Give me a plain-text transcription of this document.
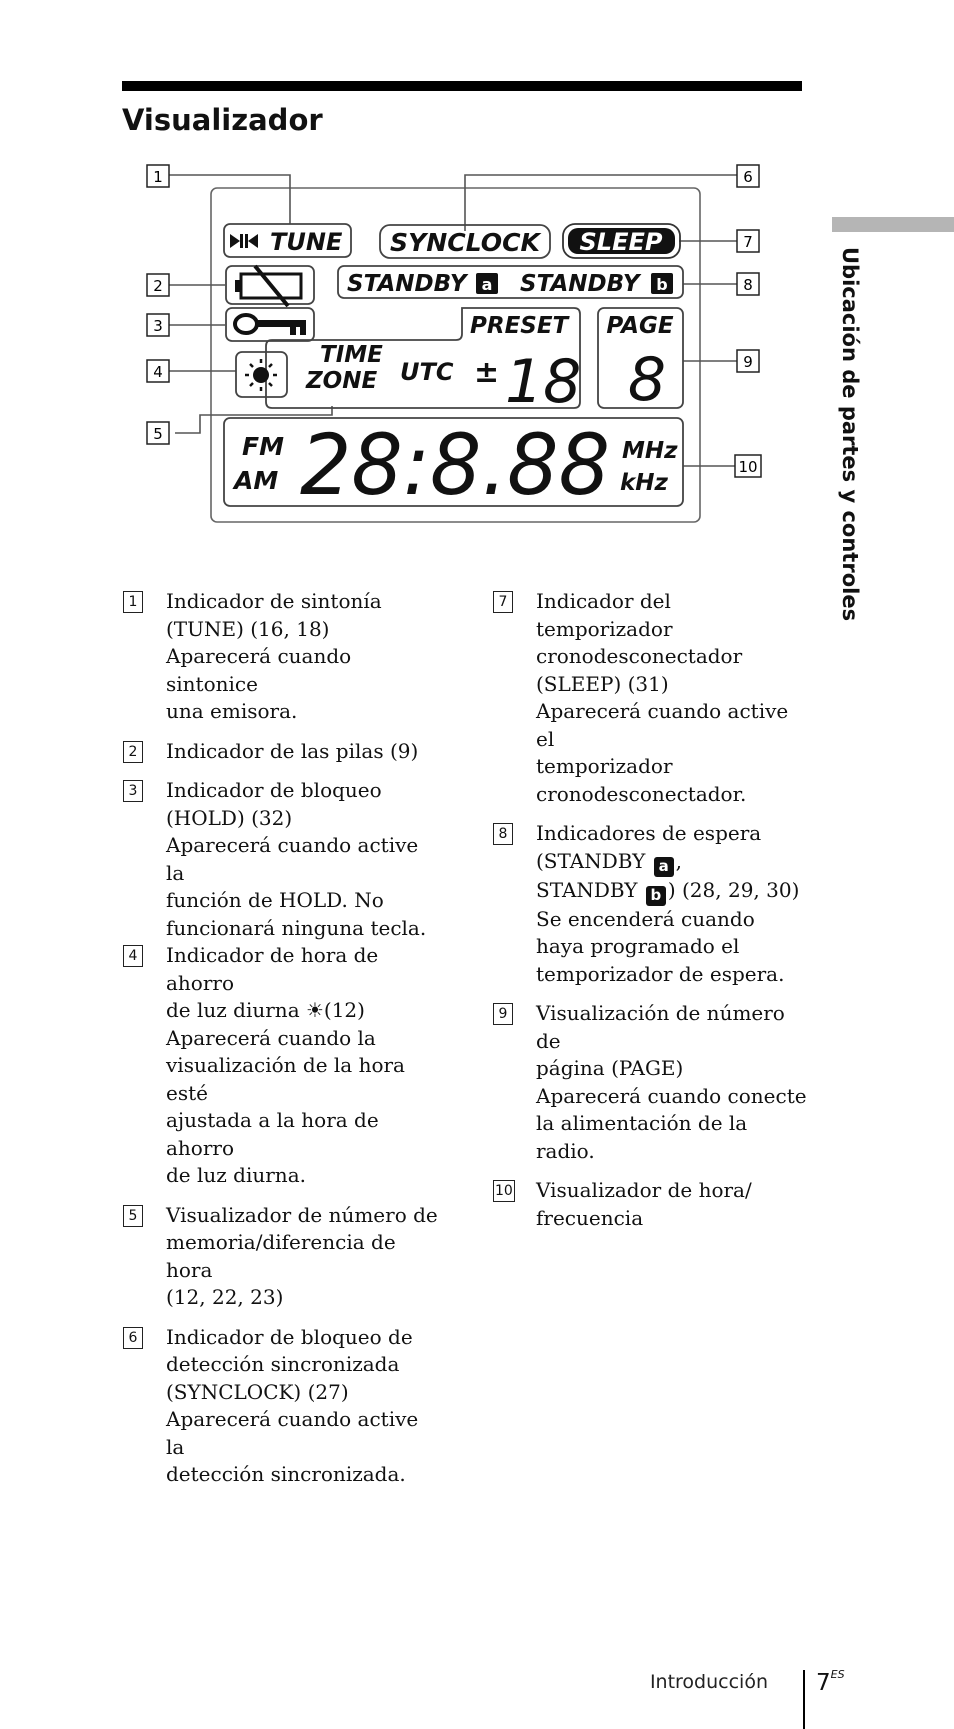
Visualizador
Ubicación de partes y controles
1
2
3
4
5
6
7
8
9
10
TUNE SYNCLOCK SLEEP
STANDBY a STANDBY b
PRESET
TIME
ZONE UTC ± 18
PAGE
8
FM
AM 28:8.88 MHz
kHz
1 Indicador de sintonía
(TUNE) (16, 18)
Aparecerá cuando sintonice
una emisora.
2 Indicador de las pilas (9)
3 Indicador de bloqueo
(HOLD) (32)
Aparecerá cuando active la
función de HOLD. No
funcionará ninguna tecla.
4 Indicador de hora de ahorro
de luz diurna ☀(12)
Aparecerá cuando la
visualización de la hora esté
ajustada a la hora de ahorro
de luz diurna.
5 Visualizador de número de
memoria/diferencia de hora
(12, 22, 23)
6 Indicador de bloqueo de
detección sincronizada
(SYNCLOCK) (27)
Aparecerá cuando active la
detección sincronizada.
7 Indicador del temporizador
cronodesconectador
(SLEEP) (31)
Aparecerá cuando active el
temporizador
cronodesconectador.
8 Indicadores de espera
(STANDBY a ,
STANDBY b ) (28, 29, 30)
Se encenderá cuando
haya programado el
temporizador de espera.
9 Visualización de número de
página (PAGE)
Aparecerá cuando conecte
la alimentación de la radio.
10 Visualizador de hora/
frecuencia
Introducción $7^{ES}$
